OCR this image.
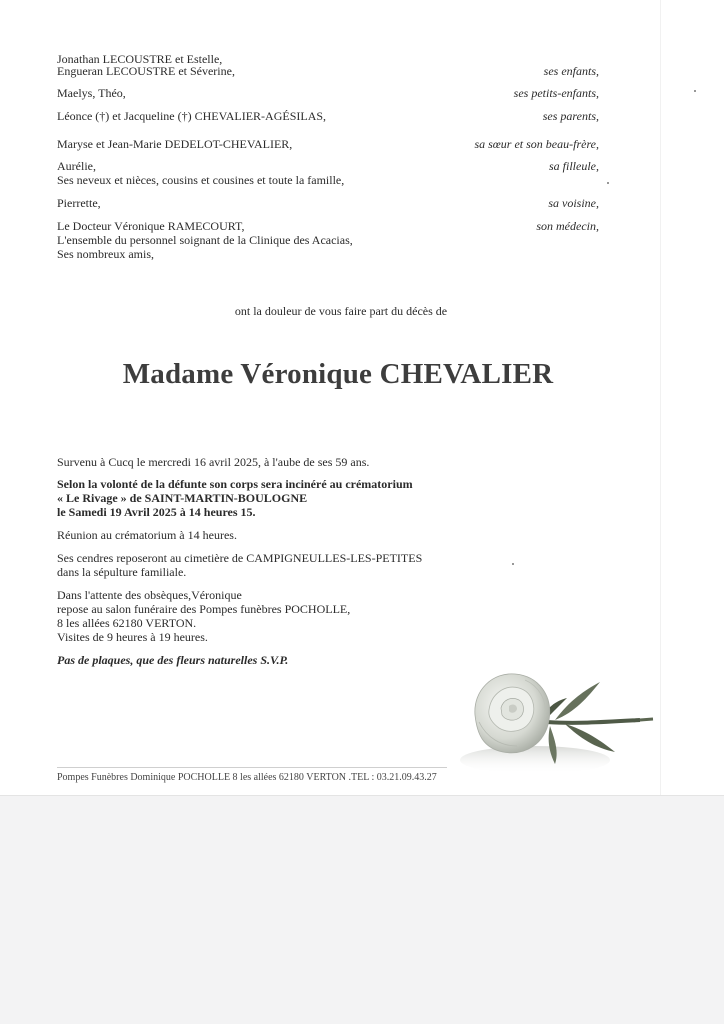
Jonathan LECOUSTRE et Estelle,
Engueran LECOUSTRE et Séverine,	ses enfants,
Maelys, Théo,	ses petits-enfants,
Léonce (†) et Jacqueline (†) CHEVALIER-AGÉSILAS,	ses parents,
Maryse et Jean-Marie DEDELOT-CHEVALIER,	sa sœur et son beau-frère,
Aurélie,	sa filleule,
Ses neveux et nièces, cousins et cousines et toute la famille,
Pierrette,	sa voisine,
Le Docteur Véronique RAMECOURT,	son médecin,
L'ensemble du personnel soignant de la Clinique des Acacias,
Ses nombreux amis,
ont la douleur de vous faire part du décès de
Madame Véronique CHEVALIER
Survenu à Cucq le mercredi 16 avril 2025, à l'aube de ses 59 ans.
Selon la volonté de la défunte son corps sera incinéré au crématorium
« Le Rivage » de SAINT-MARTIN-BOULOGNE
le Samedi 19 Avril 2025 à 14 heures 15.
Réunion au crématorium à 14 heures.
Ses cendres reposeront au cimetière de CAMPIGNEULLES-LES-PETITES
dans la sépulture familiale.
Dans l'attente des obsèques,Véronique
repose au salon funéraire des Pompes funèbres POCHOLLE,
8 les allées 62180 VERTON.
Visites de 9 heures à 19 heures.
Pas de plaques, que des fleurs naturelles S.V.P.
Pompes Funèbres Dominique POCHOLLE 8 les allées 62180 VERTON .TEL : 03.21.09.43.27
